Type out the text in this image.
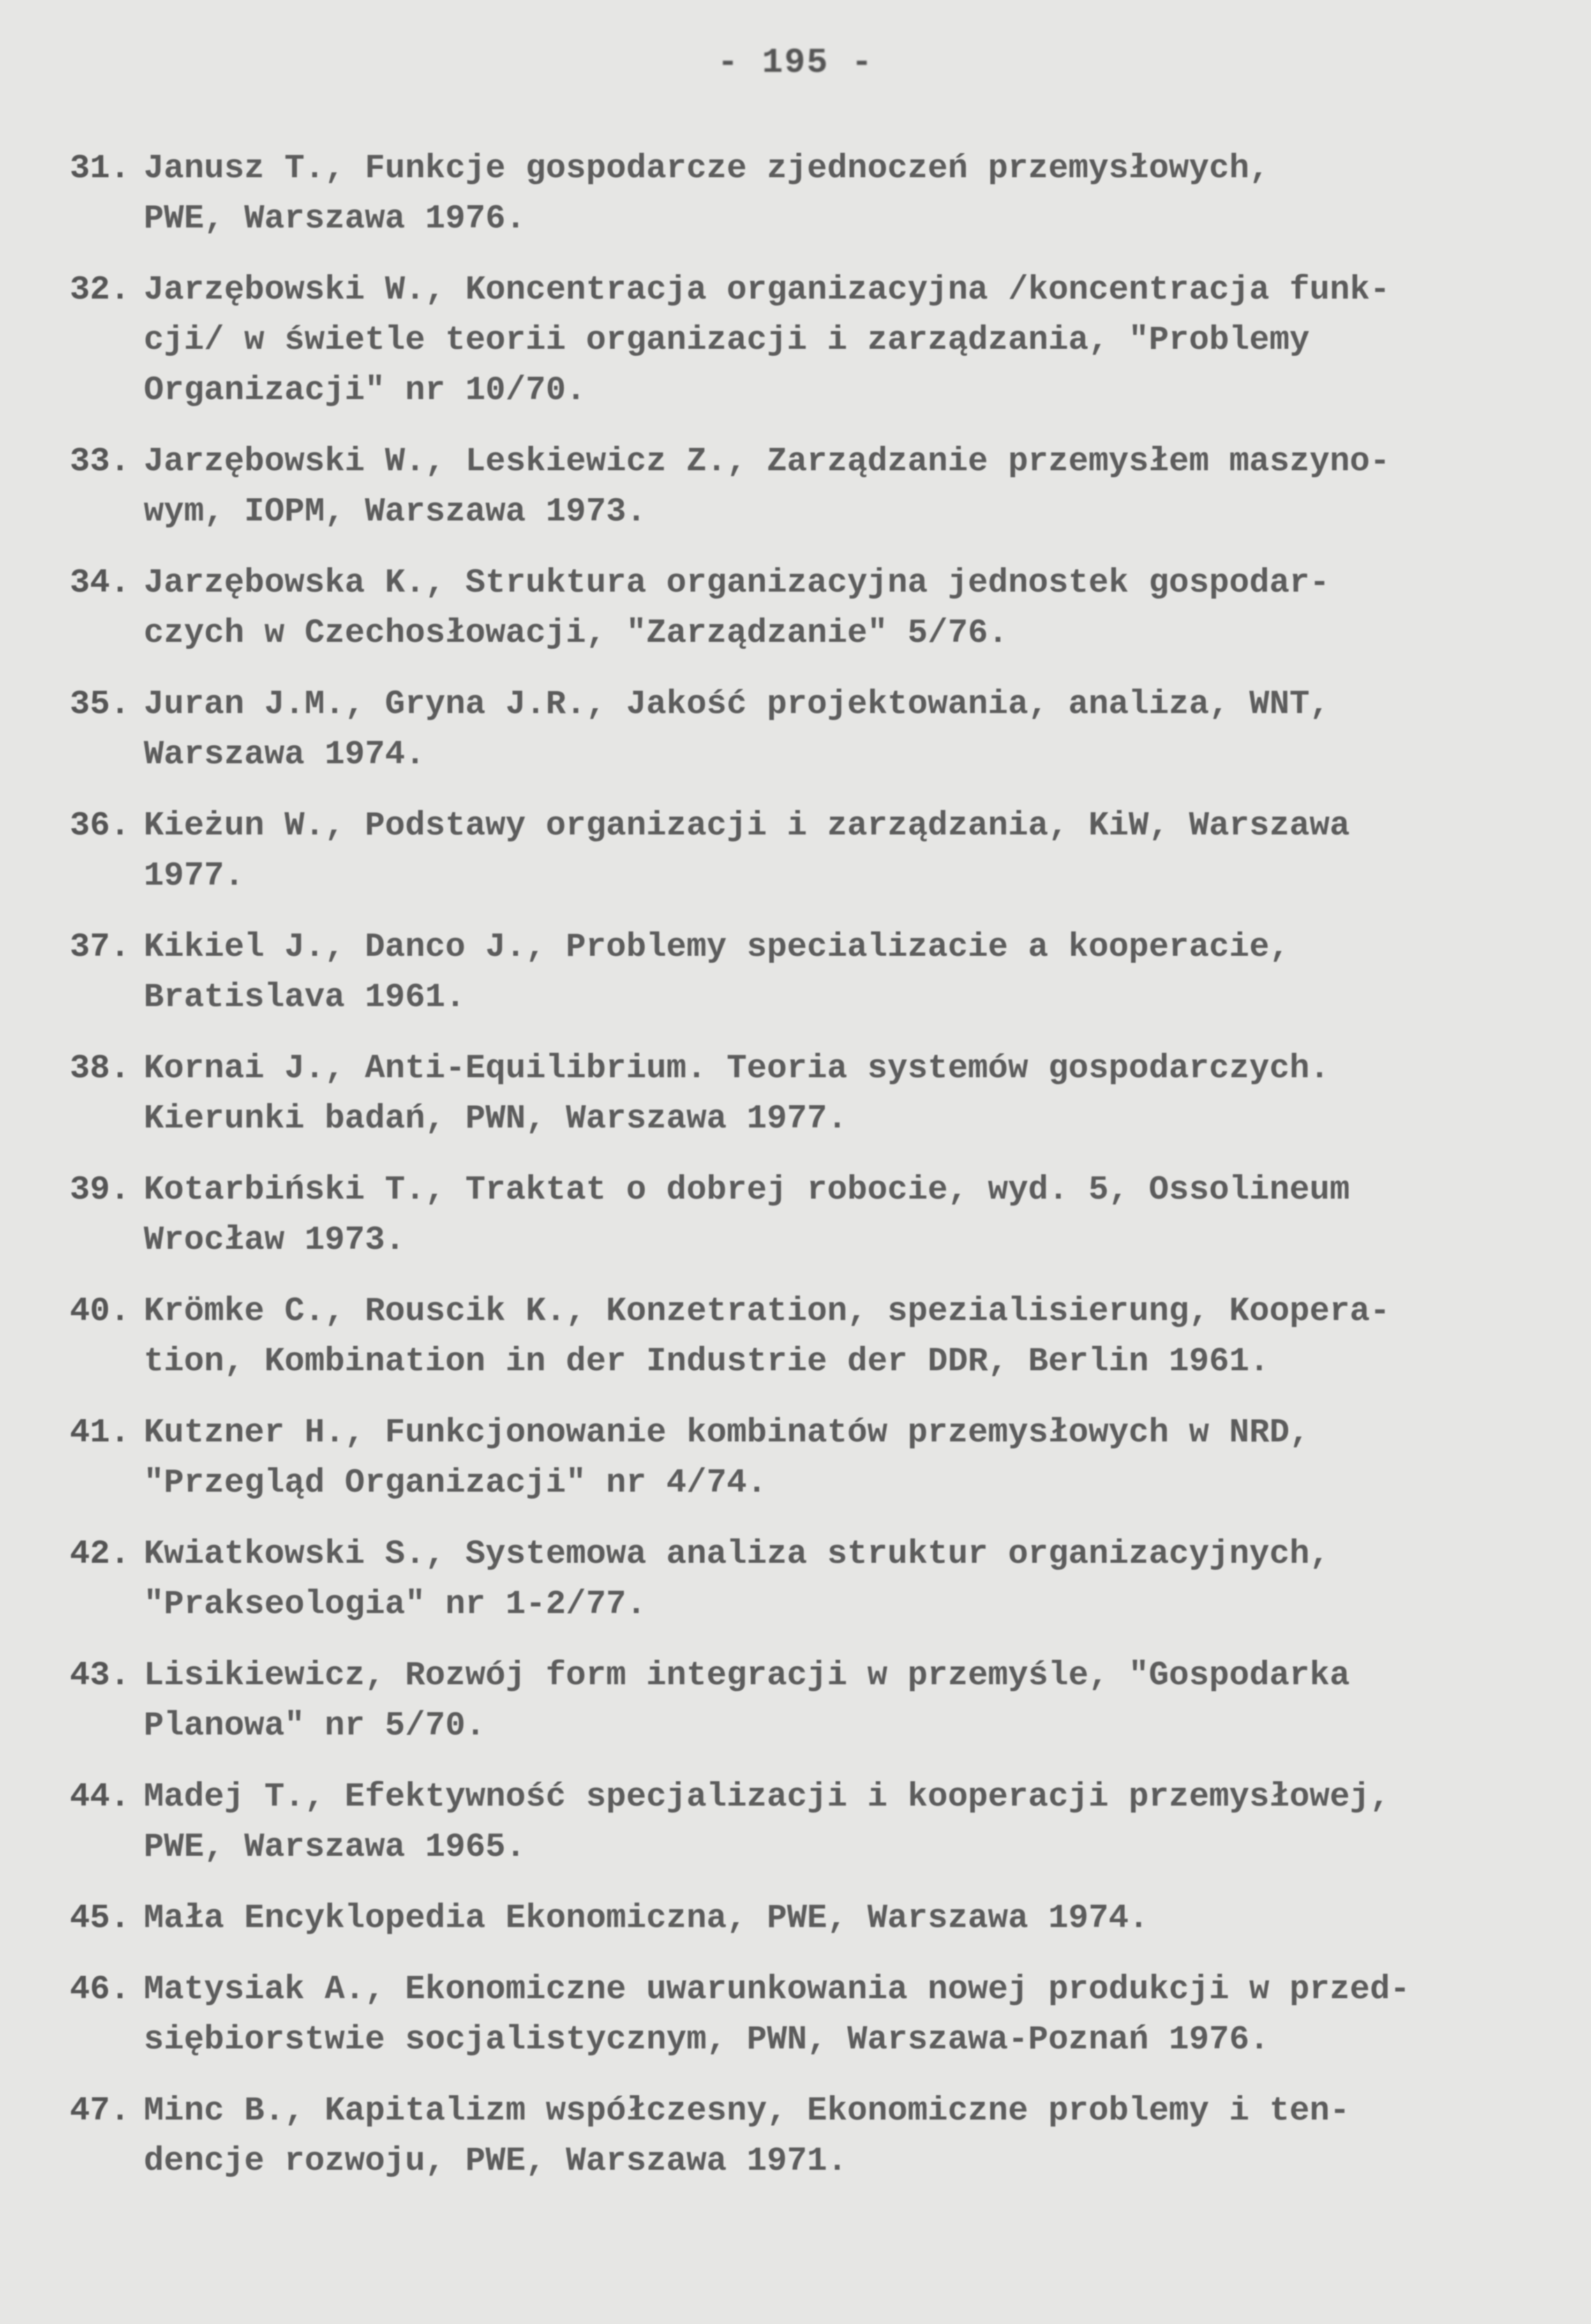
- 195 -
31. Janusz T., Funkcje gospodarcze zjednoczeń przemysłowych,
PWE, Warszawa 1976.
32. Jarzębowski W., Koncentracja organizacyjna /koncentracja funk-
cji/ w świetle teorii organizacji i zarządzania, "Problemy
Organizacji" nr 10/70.
33. Jarzębowski W., Leskiewicz Z., Zarządzanie przemysłem maszyno-
wym, IOPM, Warszawa 1973.
34. Jarzębowska K., Struktura organizacyjna jednostek gospodar-
czych w Czechosłowacji, "Zarządzanie" 5/76.
35. Juran J.M., Gryna J.R., Jakość projektowania, analiza, WNT,
Warszawa 1974.
36. Kieżun W., Podstawy organizacji i zarządzania, KiW, Warszawa
1977.
37. Kikiel J., Danco J., Problemy specializacie a kooperacie,
Bratislava 1961.
38. Kornai J., Anti-Equilibrium. Teoria systemów gospodarczych.
Kierunki badań, PWN, Warszawa 1977.
39. Kotarbiński T., Traktat o dobrej robocie, wyd. 5, Ossolineum
Wrocław 1973.
40. Krömke C., Rouscik K., Konzetration, spezialisierung, Koopera-
tion, Kombination in der Industrie der DDR, Berlin 1961.
41. Kutzner H., Funkcjonowanie kombinatów przemysłowych w NRD,
"Przegląd Organizacji" nr 4/74.
42. Kwiatkowski S., Systemowa analiza struktur organizacyjnych,
"Prakseologia" nr 1-2/77.
43. Lisikiewicz, Rozwój form integracji w przemyśle, "Gospodarka
Planowa" nr 5/70.
44. Madej T., Efektywność specjalizacji i kooperacji przemysłowej,
PWE, Warszawa 1965.
45. Mała Encyklopedia Ekonomiczna, PWE, Warszawa 1974.
46. Matysiak A., Ekonomiczne uwarunkowania nowej produkcji w przed-
siębiorstwie socjalistycznym, PWN, Warszawa-Poznań 1976.
47. Minc B., Kapitalizm współczesny, Ekonomiczne problemy i ten-
dencje rozwoju, PWE, Warszawa 1971.
